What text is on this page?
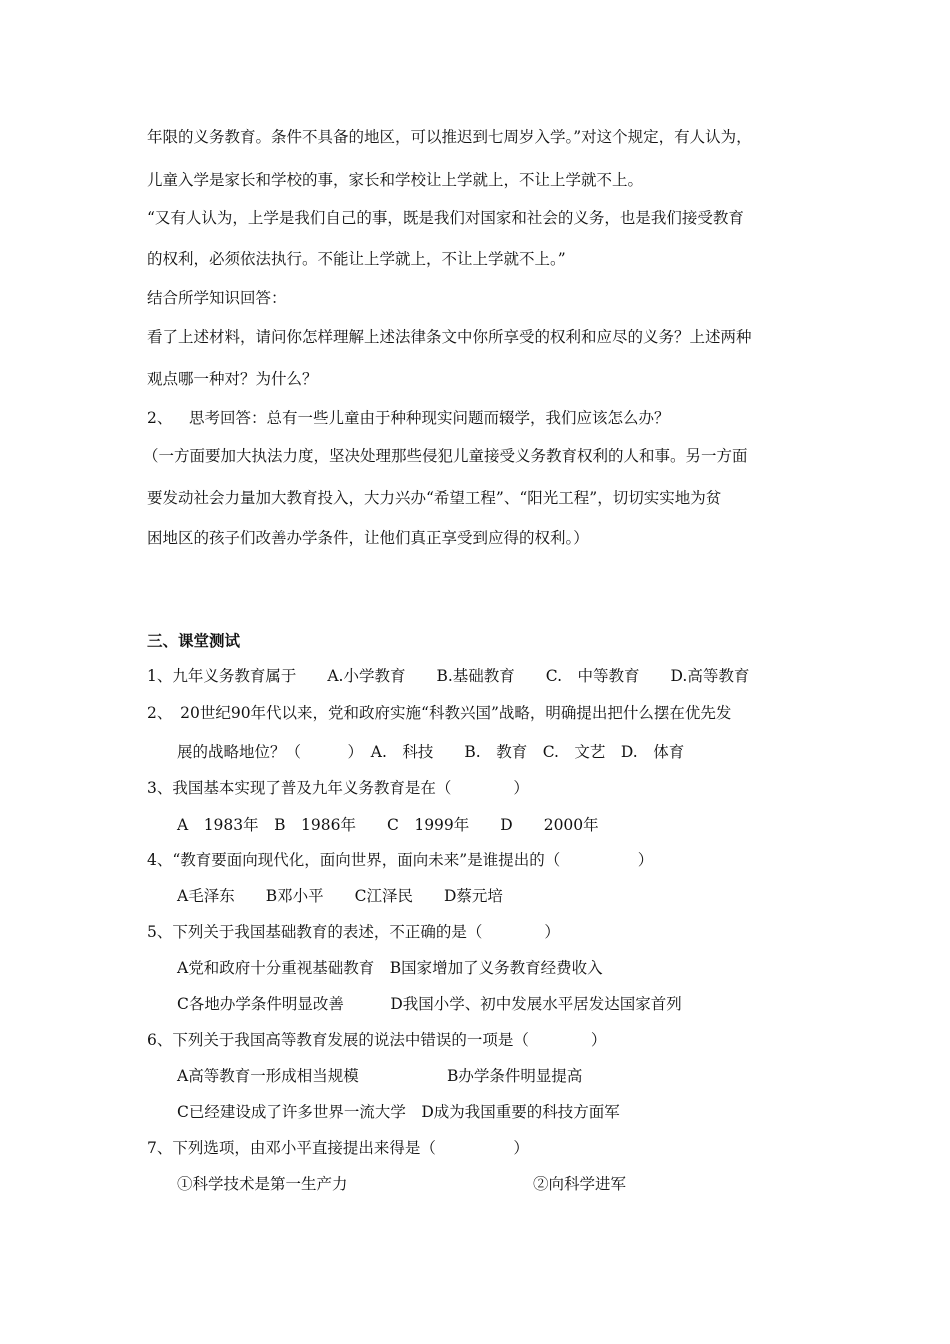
年限的义务教育。条件不具备的地区，可以推迟到七周岁入学。”对这个规定，有人认为，
儿童入学是家长和学校的事，家长和学校让上学就上，不让上学就不上。
“又有人认为，上学是我们自己的事，既是我们对国家和社会的义务，也是我们接受教育
的权利，必须依法执行。不能让上学就上，不让上学就不上。”
结合所学知识回答：
看了上述材料，请问你怎样理解上述法律条文中你所享受的权利和应尽的义务？上述两种
观点哪一种对？为什么？
2、 思考回答：总有一些儿童由于种种现实问题而辍学，我们应该怎么办？
（一方面要加大执法力度，坚决处理那些侵犯儿童接受义务教育权利的人和事。另一方面
要发动社会力量加大教育投入，大力兴办“希望工程”、“阳光工程”，切切实实地为贫
困地区的孩子们改善办学条件，让他们真正享受到应得的权利。）
三、课堂测试
1、九年义务教育属于　　A.小学教育　　B.基础教育　　C.　中等教育　　D.高等教育
2、　20世纪90年代以来，党和政府实施“科教兴国”战略，明确提出把什么摆在优先发
展的战略地位？（　　　）　A.　科技　　B.　教育　C.　文艺　D.　体育
3、我国基本实现了普及九年义务教育是在（　　　　）
A　1983年　B　1986年　　C　1999年　　D　　2000年
4、“教育要面向现代化，面向世界，面向未来”是谁提出的（　　　　　）
A毛泽东　　B邓小平　　C江泽民　　D蔡元培
5、下列关于我国基础教育的表述，不正确的是（　　　　）
A党和政府十分重视基础教育　B国家增加了义务教育经费收入
C各地办学条件明显改善　　　D我国小学、初中发展水平居发达国家首列
6、下列关于我国高等教育发展的说法中错误的一项是（　　　　）
A高等教育一形成相当规模	B办学条件明显提高
C已经建设成了许多世界一流大学　D成为我国重要的科技方面军
7、下列选项，由邓小平直接提出来得是（　　　　　）
①科学技术是第一生产力	②向科学进军
